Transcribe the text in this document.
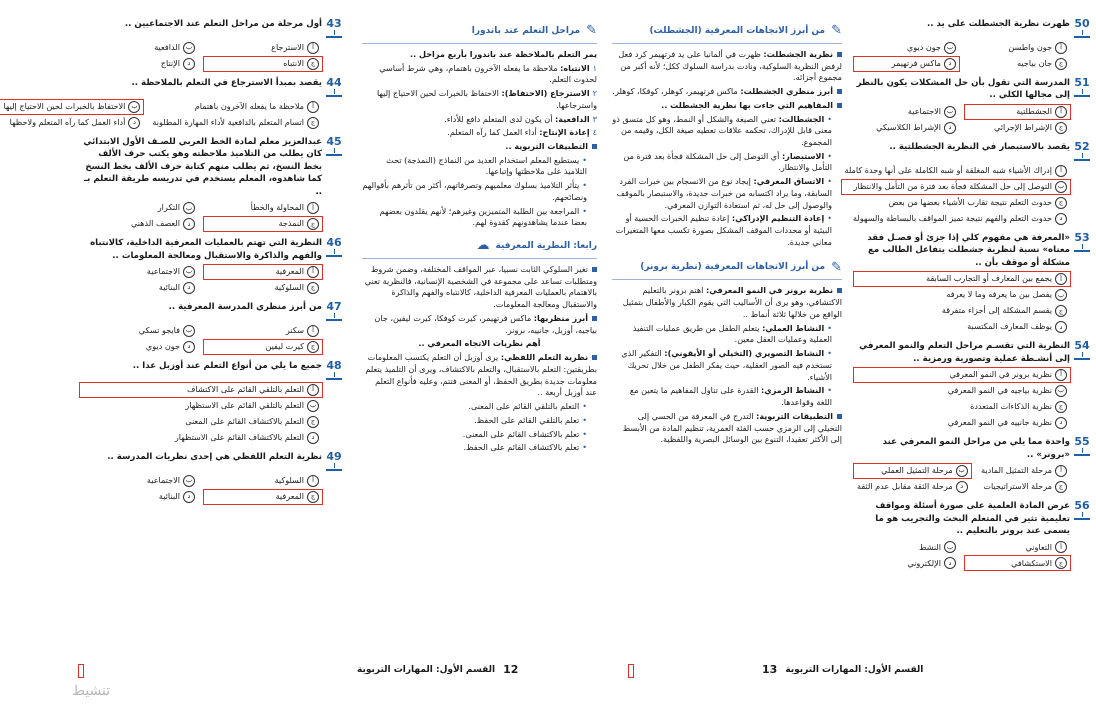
43
أول مرحلة من مراحل التعلم عند الاجتماعيين ..
أ
الاسترجاع
ب
الدافعية
ج
الانتباه
د
الإنتاج
44
يقصد بمبدأ الاسترجاع في التعلم بالملاحظة ..
أ
ملاحظة ما يفعله الآخرون باهتمام
ب
الاحتفاظ بالخبرات لحين الاحتياج إليها
ج
اتسام المتعلم بالدافعية لأداء المهارة المطلوبة
د
أداء العمل كما رآه المتعلم ولاحظها
45
عبدالعزيز معلم لمادة الخط العربي للصـف الأول الابتدائي كان يطلب من التلاميذ ملاحظته وهو يكتب حرف الألف بخط النسخ، ثم يطلب منهم كتابة حرف الألف بخط النسخ كما شاهدوه، المعلم يستخدم في تدريسه طريقة التعلم بـ ..
أ
المحاولة والخطأ
ب
التكرار
ج
النمذجة
د
العصف الذهني
46
النظرية التي تهتم بالعمليات المعرفية الداخلية، كالانتباه والفهم والذاكرة والاستقبال ومعالجة المعلومات ..
أ
المعرفية
ب
الاجتماعية
ج
السلوكية
د
البنائية
47
من أبرز منظري المدرسة المعرفية ..
أ
سكنر
ب
فايجو تسكي
ج
كيرت ليفين
د
جون ديوي
48
جميع ما يلي من أنواع التعلم عند أوزبل عدا ..
أ
التعلم بالتلقي القائم على الاكتشاف
ب
التعلم بالتلقي القائم على الاستظهار
ج
التعلم بالاكتشاف القائم على المعنى
د
التعلم بالاكتشاف القائم على الاستظهار
49
نظرية التعلم اللفظي هي إحدى نظريات المدرسة ..
أ
السلوكية
ب
الاجتماعية
ج
المعرفية
د
البنائية
✎
مراحل التعلم عند باندورا

يمر التعلم بالملاحظة عند باندورا بأربع مراحل ..

١الانتباه: ملاحظة ما يفعله الآخرون باهتمام، وهي شرط أساسي لحدوث التعلم.

٢الاسترجاع (الاحتفاظ): الاحتفاظ بالخبرات لحين الاحتياج إليها واسترجاعها.

٣الدافعية: أن يكون لدى المتعلم دافع للأداء.

٤إعادة الإنتاج: أداء العمل كما رآه المتعلم.

التطبيقات التربوية ..

•يستطيع المعلم استخدام العديد من النماذج (النمذجة) تحث التلاميذ على ملاحظتها وإتباعها.

•يتأثر التلاميذ بسلوك معلميهم وتصرفاتهم، أكثر من تأثرهم بأقوالهم ونصائحهم.

•المراجعة بين الطلبة المتميزين وغيرهم؛ لأنهم يقلدون بعضهم بعضا عندما يشاهدونهم كقدوة لهم.

رابعا: النظرية المعرفية
☁

تغير السلوكي الثابت نسبيا، عبر المواقف المختلفة، وضمن شروط ومتطلبات تساعد على مجموعة في الشخصية الإنسانية، فالنظرية تعني بالاهتمام بالعمليات المعرفية الداخلية، كالانتباه والفهم والذاكرة والاستقبال ومعالجة المعلومات.

أبرز منظريها: ماكس فرتهيمر، كيرت كوفكا، كيرت ليفين، جان بياجيه، أوزبل، جانييه، برونر.

أهم نظريات الاتجاه المعرفي ..

نظرية التعلم اللفظي: يرى أوزبل أن التعلم يكتسب المعلومات بطريقتين: التعلم بالاستقبال، والتعلم بالاكتشاف، ويرى أن التلميذ يتعلم معلومات جديدة بطريق الحفظ، أو المعنى فتتم، وعليه فأنواع التعلم عند أوزبل أربعة ..

•التعلم بالتلقي القائم على المعنى.

•تعلم بالتلقي القائم على الحفظ.

•تعلم بالاكتشاف القائم على المعنى.

•تعلم بالاكتشاف القائم على الحفظ.

✎
من أبرز الاتجاهات المعرفية (الجشطلت)

نظرية الجشطلت: ظهرت في ألمانيا على يد فرتهيمر كرد فعل لرفض النظرية السلوكية، ونادت بدراسة السلوك ككل؛ لأنه أكبر من مجموع أجزائه.

أبرز منظري الجشطلت: ماكس فرتهيمر، كوهلر، كوفكا، كوهلر.

المفاهيم التي جاءت بها نظرية الجشطلت ..

•الجشطالت: تعني الصيغة والشكل أو النمط، وهو كل متسق ذو معنى قابل للإدراك، تحكمه علاقات تعطيه صيغة الكل، وقيمه من المجموع.

•الاستبصار: أي التوصل إلى حل المشكلة فجأة بعد فترة من التأمل والانتظار.

•الاتساق المعرفي: إيجاد نوع من الانسجام بين خبرات الفرد السابقة، وما يراد اكتسابه من خبرات جديدة، والاستبصار بالموقف والوصول إلى حل له، ثم استعادة التوازن المعرفي.

•إعادة التنظيم الإدراكي: إعادة تنظيم الخبرات الحسية أو البيئية أو محددات الموقف المشكل بصورة تكسب معها المتغيرات معاني جديدة.

✎
من أبرز الاتجاهات المعرفية (نظرية برونر)

نظرية برونر في النمو المعرفي: اهتم برونر بالتعليم الاكتشافي، وهو يرى أن الأساليب التي يقوم الكبار والأطفال بتمثيل الواقع من خلالها ثلاثة أنماط ..

•النشاط العملي: يتعلم الطفل من طريق عمليات التنفيذ العملية وعمليات العقل معين.

•النشاط التصويري (التخيلي أو الأيقوني): التفكير الذي تستخدم فيه الصور العقلية، حيث يفكر الطفل من خلال تحريك الأشياء.

•النشاط الرمزي: القدرة على تناول المفاهيم ما يتعين مع اللغة وقواعدها.

التطبيقات التربوية: التدرج في المعرفة من الحسي إلى التخيلي إلى الرمزي حسب الفئة العمرية، تنظيم المادة من الأبسط إلى الأكثر تعقيدا، التنوع بين الوسائل البصرية واللفظية.

50
ظهرت نظرية الجشطلت على يد ..
أ
جون واطسن
ب
جون ديوي
ج
جان بياجيه
د
ماكس فرتهيمر
51
المدرسة التي تقول بأن حل المشكلات يكون بالنظر إلى مجالها الكلي ..
أ
الجشطلتية
ب
الاجتماعية
ج
الإشراط الإجرائي
د
الإشراط الكلاسيكي
52
يقصد بالاستبصار في النظرية الجشطلتية ..
أ
إدراك الأشياء شبه المغلقة أو شبه الكاملة على أنها وحدة كاملة
ب
التوصل إلى حل المشكلة فجأة بعد فترة من التأمل والانتظار
ج
حدوث التعلم نتيجة تقارب الأشياء بعضها من بعض
د
حدوث التعلم والفهم نتيجة تميز المواقف بالبساطة والسهولة
53
«المعرفة هي مفهوم كلي إذا جزئ أو فصـل فقد معناه» نسبة لنظرية جشطلت يتفاعل الطالب مع مشكلة أو موقف بأن ..
أ
يجمع بين المعارف أو التجارب السابقة
ب
يفصل بين ما يعرفه وما لا يعرفه
ج
يقسم المشكلة إلى أجزاء متفرقة
د
يوظف المعارف المكتسبة
54
النظرية التي تقسـم مراحل التعلم والنمو المعرفي إلى أنشـطة عملية وتصورية ورمزية ..
أ
نظرية برونر في النمو المعرفي
ب
نظرية بياجيه في النمو المعرفي
ج
نظرية الذكاءات المتعددة
د
نظرية جانييه في النمو المعرفي
55
واحدة مما يلي من مراحل النمو المعرفي عند «برونر» ..
أ
مرحلة التمثيل المادية
ب
مرحلة التمثيل العملي
ج
مرحلة الاستراتيجيات
د
مرحلة الثقة مقابل عدم الثقة
56
عرض المادة العلمية على صورة أسئلة ومواقف تعليمية تثير في المتعلم البحث والتجريب هو ما يسمى عند برونر بالتعليم ..
أ
التعاوني
ب
النشط
ج
الاستكشافي
د
الإلكتروني
12
القسم الأول: المهارات التربوية	القسم الأول: المهارات التربوية
13
تنشيط
